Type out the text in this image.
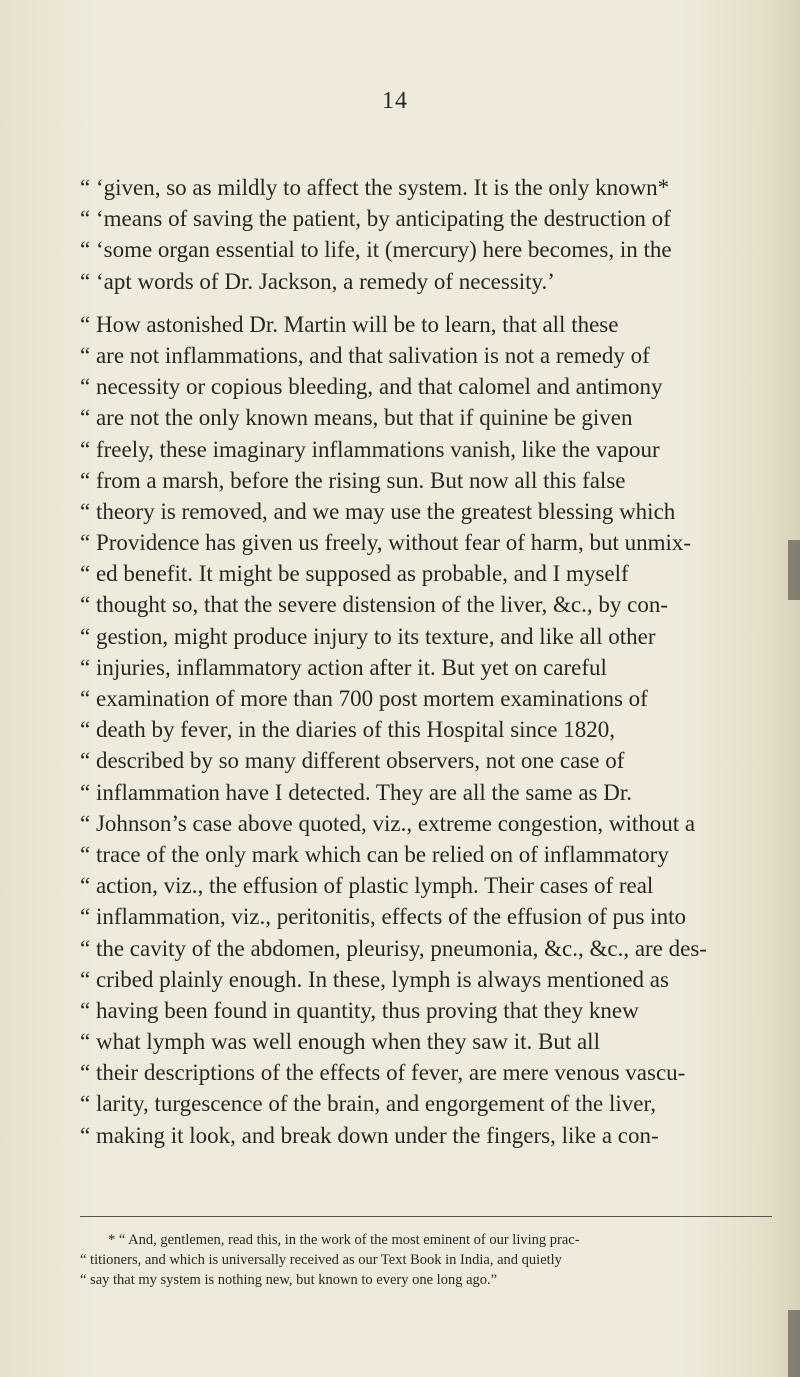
14
“ ‘given, so as mildly to affect the system. It is the only known*
“ ‘means of saving the patient, by anticipating the destruction of
“ ‘some organ essential to life, it (mercury) here becomes, in the
“ ‘apt words of Dr. Jackson, a remedy of necessity.’
“ How astonished Dr. Martin will be to learn, that all these
“ are not inflammations, and that salivation is not a remedy of
“ necessity or copious bleeding, and that calomel and antimony
“ are not the only known means, but that if quinine be given
“ freely, these imaginary inflammations vanish, like the vapour
“ from a marsh, before the rising sun. But now all this false
“ theory is removed, and we may use the greatest blessing which
“ Providence has given us freely, without fear of harm, but unmix-
“ ed benefit. It might be supposed as probable, and I myself
“ thought so, that the severe distension of the liver, &c., by con-
“ gestion, might produce injury to its texture, and like all other
“ injuries, inflammatory action after it. But yet on careful
“ examination of more than 700 post mortem examinations of
“ death by fever, in the diaries of this Hospital since 1820,
“ described by so many different observers, not one case of
“ inflammation have I detected. They are all the same as Dr.
“ Johnson’s case above quoted, viz., extreme congestion, without a
“ trace of the only mark which can be relied on of inflammatory
“ action, viz., the effusion of plastic lymph. Their cases of real
“ inflammation, viz., peritonitis, effects of the effusion of pus into
“ the cavity of the abdomen, pleurisy, pneumonia, &c., &c., are des-
“ cribed plainly enough. In these, lymph is always mentioned as
“ having been found in quantity, thus proving that they knew
“ what lymph was well enough when they saw it. But all
“ their descriptions of the effects of fever, are mere venous vascu-
“ larity, turgescence of the brain, and engorgement of the liver,
“ making it look, and break down under the fingers, like a con-
* “ And, gentlemen, read this, in the work of the most eminent of our living prac-
“ titioners, and which is universally received as our Text Book in India, and quietly
“ say that my system is nothing new, but known to every one long ago.”
